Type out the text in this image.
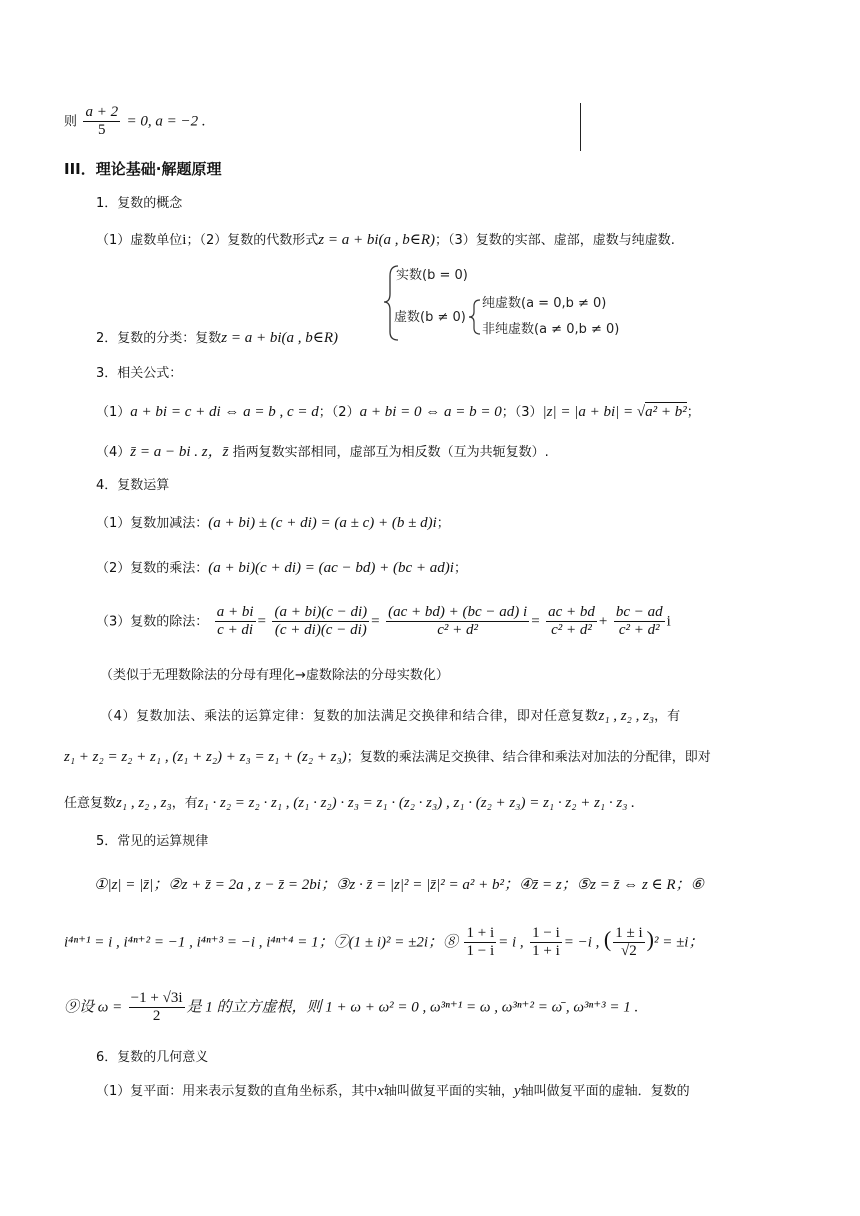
则 $\frac{a + 2}{5} = 0$, a = −2 .
III．理论基础·解题原理
1．复数的概念
（1）虚数单位i；（2）复数的代数形式z = a + bi(a , b∈R)；（3）复数的实部、虚部，虚数与纯虚数.
2．复数的分类：复数z = a + bi(a , b∈R)
实数(b = 0)
虚数(b ≠ 0)
纯虚数(a = 0,b ≠ 0)
非纯虚数(a ≠ 0,b ≠ 0)
3．相关公式：
（1）a + bi = c + di ⇔ a = b , c = d；（2）a + bi = 0 ⇔ a = b = 0；（3）|z| = |a + bi| = √a² + b²；
（4）z̄ = a − bi . z，z̄ 指两复数实部相同，虚部互为相反数（互为共轭复数）.
4．复数运算
（1）复数加减法：(a + bi) ± (c + di) = (a ± c) + (b ± d)i；
（2）复数的乘法：(a + bi)(c + di) = (ac − bd) + (bc + ad)i；
（3）复数的除法： $\frac{a + bi}{c + di} = \frac{(a + bi)(c - di)}{(c + di)(c - di)} = \frac{(ac + bd) + (bc - ad) i}{\text{c² + d²}} = \frac{ac + bd}{\text{c² + d²}} + \frac{bc - ad}{\text{c² + d²}}$ i
（类似于无理数除法的分母有理化→虚数除法的分母实数化）
（4）复数加法、乘法的运算定律：复数的加法满足交换律和结合律，即对任意复数z₁ , z₂ , z₃，有
z₁ + z₂ = z₂ + z₁ , (z₁ + z₂) + z₃ = z₁ + (z₂ + z₃)；复数的乘法满足交换律、结合律和乘法对加法的分配律，即对
任意复数z₁ , z₂ , z₃，有z₁ · z₂ = z₂ · z₁ , (z₁ · z₂) · z₃ = z₁ · (z₂ · z₃) , z₁ · (z₂ + z₃) = z₁ · z₂ + z₁ · z₃ .
5．常见的运算规律
①|z| = |z̄|；②z + z̄ = 2a , z − z̄ = 2bi；③z · z̄ = |z|² = |z̄|² = a² + b²；④z̄̄ = z；⑤z = z̄ ⇔ z ∈ R；⑥
i⁴ⁿ⁺¹ = i , i⁴ⁿ⁺² = −1 , i⁴ⁿ⁺³ = −i , i⁴ⁿ⁺⁴ = 1；⑦(1 ± i)² = ±2i；⑧ $\frac{1 + i}{1 - i} = i$ , $\frac{1 - i}{1 + i} = -i$ , ( $\frac{1 \pm i}{√2} )^2 = \pm i$；
⑨设 $\omega = \frac{-1 + √3i}{2}$ 是 1 的立方虚根，则 1 + ω + ω² = 0 , ω³ⁿ⁺¹ = ω , ω³ⁿ⁺² = ω̄ , ω³ⁿ⁺³ = 1 .
6．复数的几何意义
（1）复平面：用来表示复数的直角坐标系，其中x轴叫做复平面的实轴，y轴叫做复平面的虚轴．复数的
